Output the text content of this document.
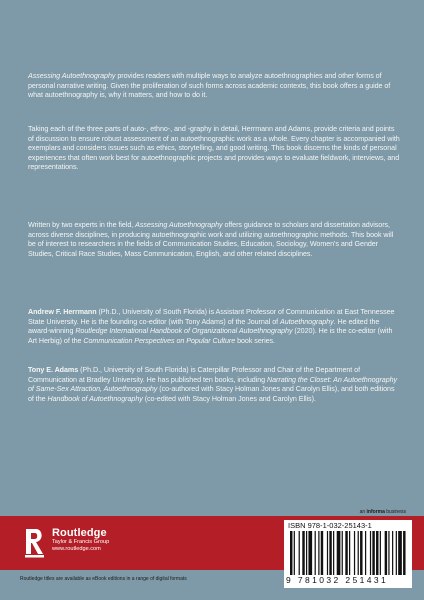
Assessing Autoethnography provides readers with multiple ways to analyze autoethnographies and other forms of personal narrative writing. Given the proliferation of such forms across academic contexts, this book offers a guide of what autoethnography is, why it matters, and how to do it.

Taking each of the three parts of auto-, ethno-, and -graphy in detail, Herrmann and Adams, provide criteria and points of discussion to ensure robust assessment of an autoethnographic work as a whole. Every chapter is accompanied with exemplars and considers issues such as ethics, storytelling, and good writing. This book discerns the kinds of personal experiences that often work best for autoethnographic projects and provides ways to evaluate fieldwork, interviews, and representations.

Written by two experts in the field, Assessing Autoethnography offers guidance to scholars and dissertation advisors, across diverse disciplines, in producing autoethnographic work and utilizing autoethnographic methods. This book will be of interest to researchers in the fields of Communication Studies, Education, Sociology, Women's and Gender Studies, Critical Race Studies, Mass Communication, English, and other related disciplines.

Andrew F. Herrmann (Ph.D., University of South Florida) is Assistant Professor of Communication at East Tennessee State University. He is the founding co-editor (with Tony Adams) of the Journal of Autoethnography. He edited the award-winning Routledge International Handbook of Organizational Autoethnography (2020). He is the co-editor (with Art Herbig) of the Communication Perspectives on Popular Culture book series.

Tony E. Adams (Ph.D., University of South Florida) is Caterpillar Professor and Chair of the Department of Communication at Bradley University. He has published ten books, including Narrating the Closet: An Autoethnography of Same-Sex Attraction, Autoethnography (co-authored with Stacy Holman Jones and Carolyn Ellis), and both editions of the Handbook of Autoethnography (co-edited with Stacy Holman Jones and Carolyn Ellis).

an informa business
Routledge
Taylor & Francis Group
www.routledge.com
ISBN 978-1-032-25143-1
9 781032 251431
Routledge titles are available as eBook editions in a range of digital formats
